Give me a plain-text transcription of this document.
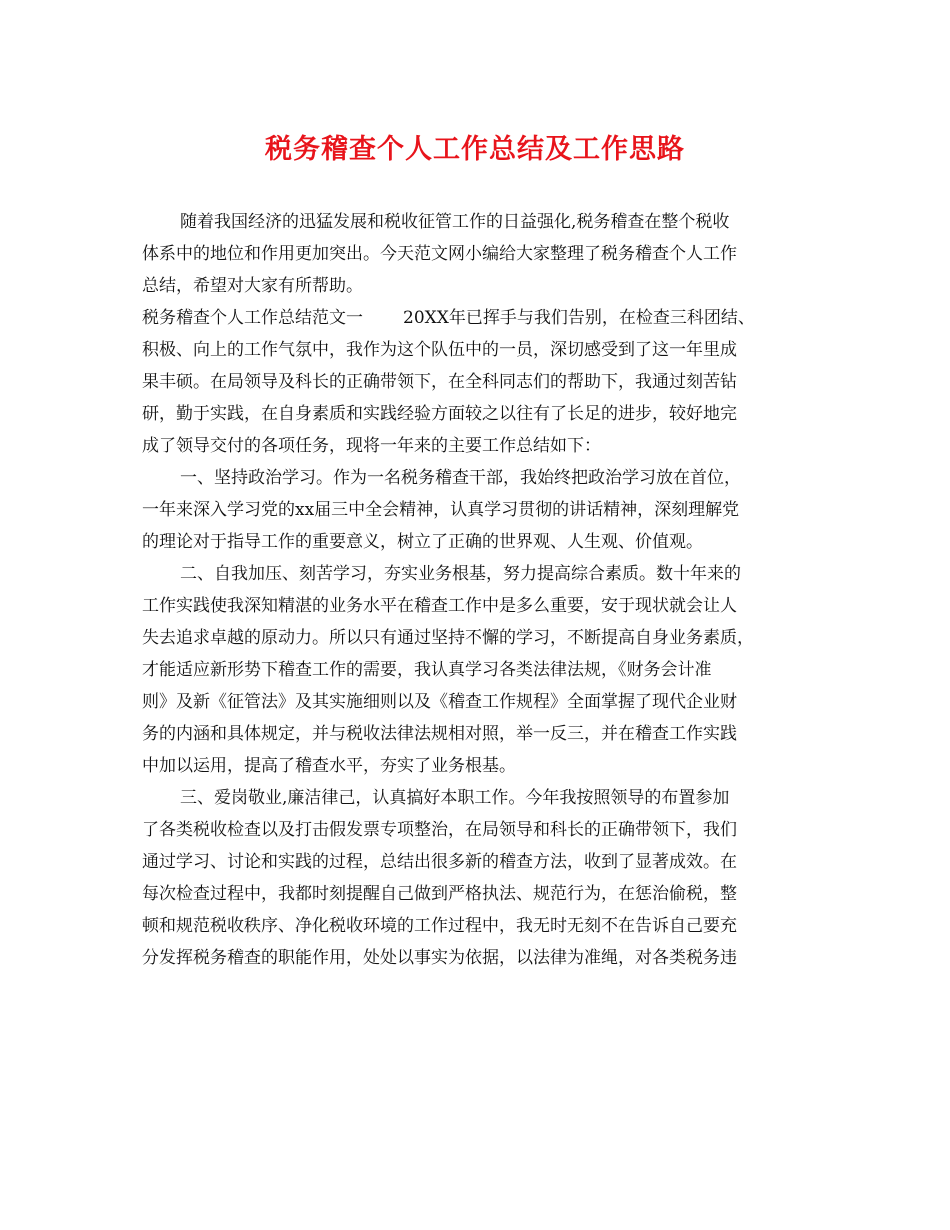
税务稽查个人工作总结及工作思路
随着我国经济的迅猛发展和税收征管工作的日益强化,税务稽查在整个税收
体系中的地位和作用更加突出。今天范文网小编给大家整理了税务稽查个人工作
总结，希望对大家有所帮助。
税务稽查个人工作总结范文一 20XX年已挥手与我们告别，在检查三科团结、
积极、向上的工作气氛中，我作为这个队伍中的一员，深切感受到了这一年里成
果丰硕。在局领导及科长的正确带领下，在全科同志们的帮助下，我通过刻苦钻
研，勤于实践，在自身素质和实践经验方面较之以往有了长足的进步，较好地完
成了领导交付的各项任务，现将一年来的主要工作总结如下：
一、坚持政治学习。作为一名税务稽查干部，我始终把政治学习放在首位，
一年来深入学习党的xx届三中全会精神，认真学习贯彻的讲话精神，深刻理解党
的理论对于指导工作的重要意义，树立了正确的世界观、人生观、价值观。
二、自我加压、刻苦学习，夯实业务根基，努力提高综合素质。数十年来的
工作实践使我深知精湛的业务水平在稽查工作中是多么重要，安于现状就会让人
失去追求卓越的原动力。所以只有通过坚持不懈的学习，不断提高自身业务素质，
才能适应新形势下稽查工作的需要，我认真学习各类法律法规，《财务会计准
则》及新《征管法》及其实施细则以及《稽查工作规程》全面掌握了现代企业财
务的内涵和具体规定，并与税收法律法规相对照，举一反三，并在稽查工作实践
中加以运用，提高了稽查水平，夯实了业务根基。
三、爱岗敬业,廉洁律己，认真搞好本职工作。今年我按照领导的布置参加
了各类税收检查以及打击假发票专项整治，在局领导和科长的正确带领下，我们
通过学习、讨论和实践的过程，总结出很多新的稽查方法，收到了显著成效。在
每次检查过程中，我都时刻提醒自己做到严格执法、规范行为，在惩治偷税，整
顿和规范税收秩序、净化税收环境的工作过程中，我无时无刻不在告诉自己要充
分发挥税务稽查的职能作用，处处以事实为依据，以法律为准绳，对各类税务违
